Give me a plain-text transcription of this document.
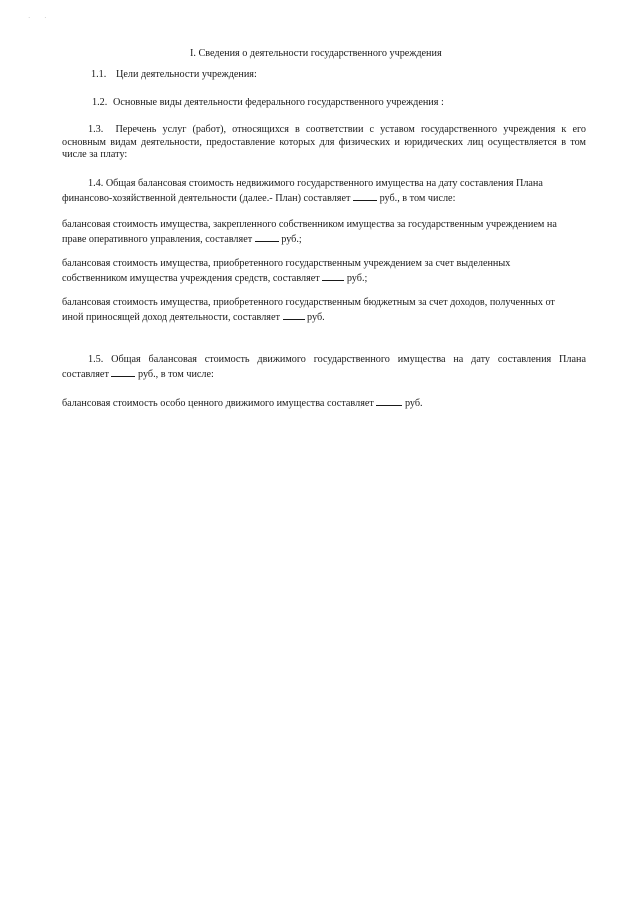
· ·
I. Сведения о деятельности государственного учреждения
1.1. Цели деятельности учреждения:
1.2. Основные виды деятельности федерального государственного учреждения :
1.3. Перечень услуг (работ), относящихся в соответствии с уставом государственного учреждения к его основным видам деятельности, предоставление которых для физических и юридических лиц осуществляется в том числе за плату:
1.4. Общая балансовая стоимость недвижимого государственного имущества на дату составления Плана
финансово-хозяйственной деятельности (далее.- План) составляет	руб., в том числе:
балансовая стоимость имущества, закрепленного собственником имущества за государственным учреждением на
праве оперативного управления, составляет	руб.;
балансовая стоимость имущества, приобретенного государственным учреждением за счет выделенных
собственником имущества учреждения средств, составляет	руб.;
балансовая стоимость имущества, приобретенного государственным бюджетным за счет доходов, полученных от
иной приносящей доход деятельности, составляет	руб.
1.5. Общая балансовая стоимость движимого государственного имущества на дату составления Плана
составляет	руб., в том числе:
балансовая стоимость особо ценного движимого имущества составляет	руб.
